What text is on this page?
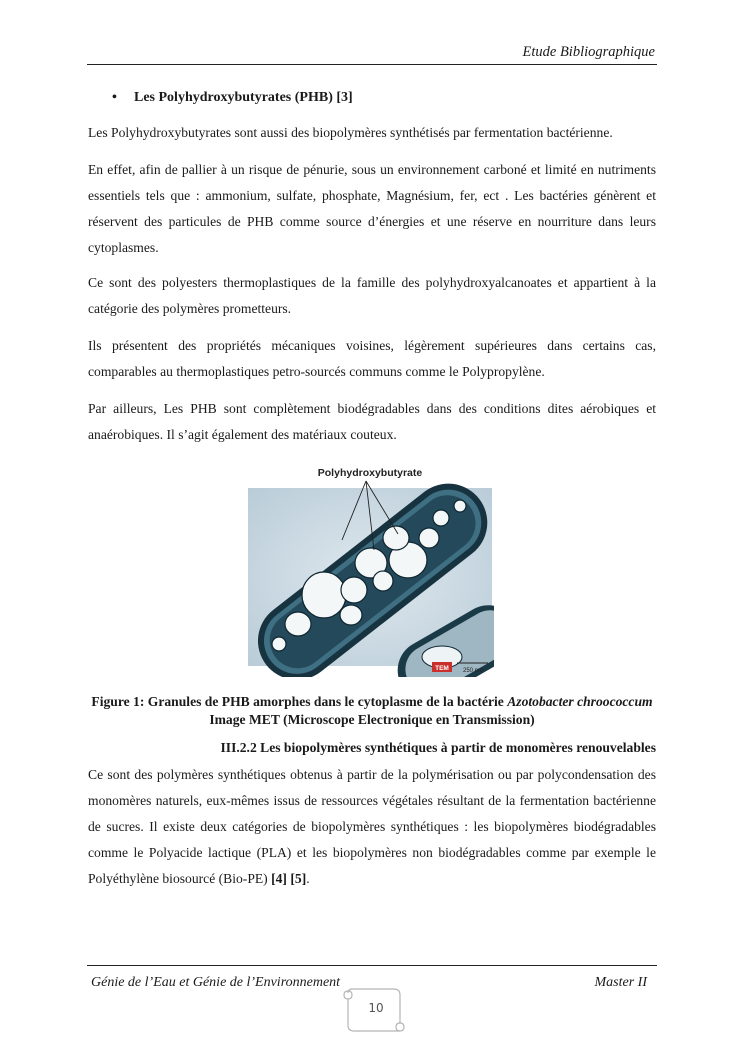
Etude Bibliographique
• Les Polyhydroxybutyrates (PHB) [3]

Les Polyhydroxybutyrates sont aussi des biopolymères synthétisés par fermentation bactérienne.

En effet, afin de pallier à un risque de pénurie, sous un environnement carboné et limité en nutriments essentiels tels que : ammonium, sulfate, phosphate, Magnésium, fer, ect . Les bactéries génèrent et réservent des particules de PHB comme source d’énergies et une réserve en nourriture dans leurs cytoplasmes.

Ce sont des polyesters thermoplastiques de la famille des polyhydroxyalcanoates et appartient à la catégorie des polymères prometteurs.

Ils présentent des propriétés mécaniques voisines, légèrement supérieures dans certains cas, comparables au thermoplastiques petro-sourcés communs comme le Polypropylène.

Par ailleurs, Les PHB sont complètement biodégradables dans des conditions dites aérobiques et anaérobiques. Il s’agit également des matériaux couteux.

Polyhydroxybutyrate
TEM 250 nm
Figure 1: Granules de PHB amorphes dans le cytoplasme de la bactérie Azotobacter chroococcum Image MET (Microscope Electronique en Transmission)
III.2.2 Les biopolymères synthétiques à partir de monomères renouvelables

Ce sont des polymères synthétiques obtenus à partir de la polymérisation ou par polycondensation des monomères naturels, eux-mêmes issus de ressources végétales résultant de la fermentation bactérienne de sucres. Il existe deux catégories de biopolymères synthétiques : les biopolymères biodégradables comme le Polyacide lactique (PLA) et les biopolymères non biodégradables comme par exemple le Polyéthylène biosourcé (Bio-PE) [4] [5].

Génie de l’Eau et Génie de l’Environnement	Master II
10
